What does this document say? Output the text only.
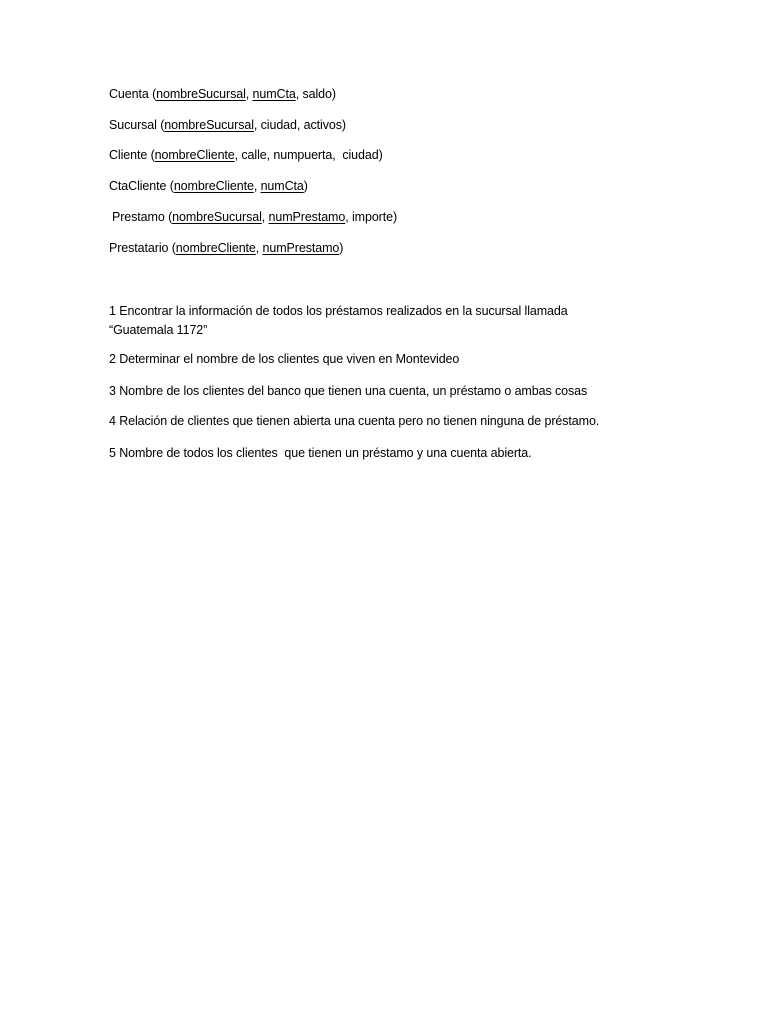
Cuenta (nombreSucursal, numCta, saldo)
Sucursal (nombreSucursal, ciudad, activos)
Cliente (nombreCliente, calle, numpuerta,  ciudad)
CtaCliente (nombreCliente, numCta)
Prestamo (nombreSucursal, numPrestamo, importe)
Prestatario (nombreCliente, numPrestamo)
1 Encontrar la información de todos los préstamos realizados en la sucursal llamada
“Guatemala 1172”
2 Determinar el nombre de los clientes que viven en Montevideo
3 Nombre de los clientes del banco que tienen una cuenta, un préstamo o ambas cosas
4 Relación de clientes que tienen abierta una cuenta pero no tienen ninguna de préstamo.
5 Nombre de todos los clientes  que tienen un préstamo y una cuenta abierta.
